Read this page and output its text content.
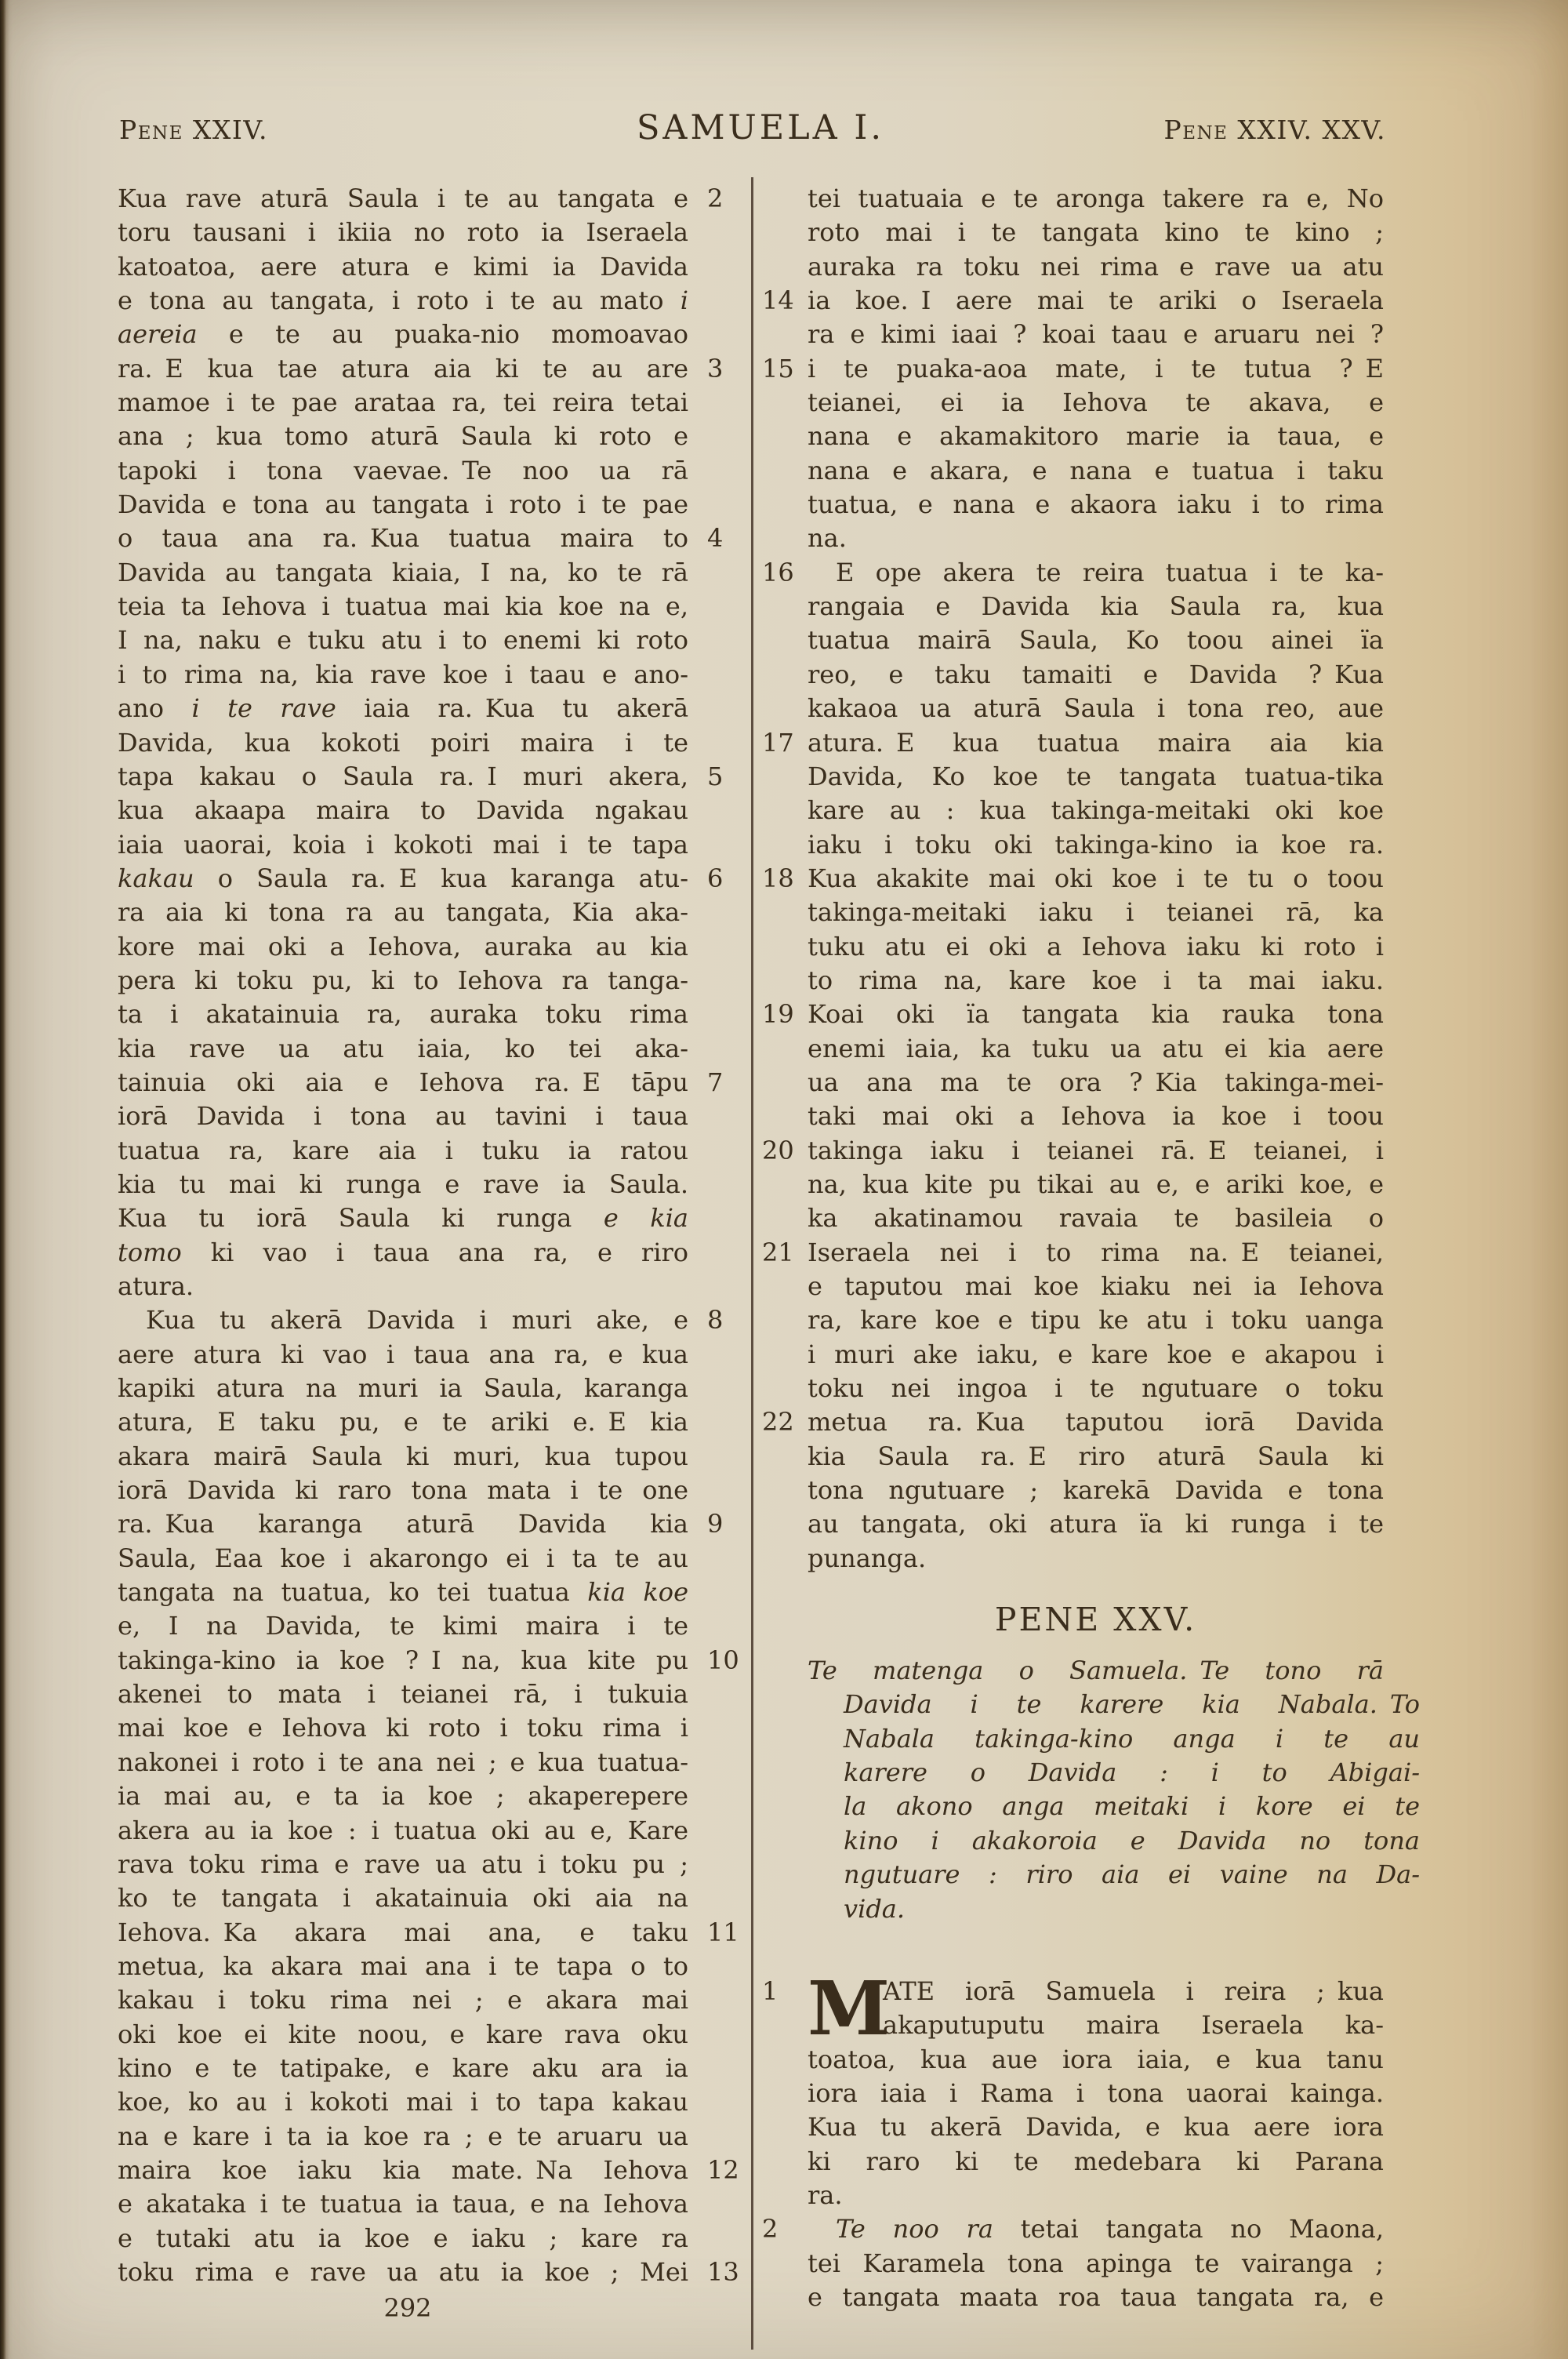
Pene XXIV.	SAMUELA I.	Pene XXIV. XXV.
2
Kua rave aturā Saula i te au tangata e
toru tausani i ikiia no roto ia Iseraela
katoatoa, aere atura e kimi ia Davida
e tona au tangata, i roto i te au mato i
aereia e te au puaka-nio momoavao
3
ra. E kua tae atura aia ki te au are
mamoe i te pae arataa ra, tei reira tetai
ana ; kua tomo aturā Saula ki roto e
tapoki i tona vaevae. Te noo ua rā
Davida e tona au tangata i roto i te pae
4
o taua ana ra. Kua tuatua maira to
Davida au tangata kiaia, I na, ko te rā
teia ta Iehova i tuatua mai kia koe na e,
I na, naku e tuku atu i to enemi ki roto
i to rima na, kia rave koe i taau e ano-
ano i te rave iaia ra. Kua tu akerā
Davida, kua kokoti poiri maira i te
5
tapa kakau o Saula ra. I muri akera,
kua akaapa maira to Davida ngakau
iaia uaorai, koia i kokoti mai i te tapa
6
kakau o Saula ra. E kua karanga atu-
ra aia ki tona ra au tangata, Kia aka-
kore mai oki a Iehova, auraka au kia
pera ki toku pu, ki to Iehova ra tanga-
ta i akatainuia ra, auraka toku rima
kia rave ua atu iaia, ko tei aka-
7
tainuia oki aia e Iehova ra. E tāpu
iorā Davida i tona au tavini i taua
tuatua ra, kare aia i tuku ia ratou
kia tu mai ki runga e rave ia Saula.
Kua tu iorā Saula ki runga e kia
tomo ki vao i taua ana ra, e riro
atura.
8
Kua tu akerā Davida i muri ake, e
aere atura ki vao i taua ana ra, e kua
kapiki atura na muri ia Saula, karanga
atura, E taku pu, e te ariki e. E kia
akara mairā Saula ki muri, kua tupou
iorā Davida ki raro tona mata i te one
9
ra. Kua karanga aturā Davida kia
Saula, Eaa koe i akarongo ei i ta te au
tangata na tuatua, ko tei tuatua kia koe
e, I na Davida, te kimi maira i te
10
takinga-kino ia koe ? I na, kua kite pu
akenei to mata i teianei rā, i tukuia
mai koe e Iehova ki roto i toku rima i
nakonei i roto i te ana nei ; e kua tuatua-
ia mai au, e ta ia koe ; akaperepere
akera au ia koe : i tuatua oki au e, Kare
rava toku rima e rave ua atu i toku pu ;
ko te tangata i akatainuia oki aia na
11
Iehova. Ka akara mai ana, e taku
metua, ka akara mai ana i te tapa o to
kakau i toku rima nei ; e akara mai
oki koe ei kite noou, e kare rava oku
kino e te tatipake, e kare aku ara ia
koe, ko au i kokoti mai i to tapa kakau
na e kare i ta ia koe ra ; e te aruaru ua
12
maira koe iaku kia mate. Na Iehova
e akataka i te tuatua ia taua, e na Iehova
e tutaki atu ia koe e iaku ; kare ra
13
toku rima e rave ua atu ia koe ; Mei
tei tuatuaia e te aronga takere ra e, No
roto mai i te tangata kino te kino ;
auraka ra toku nei rima e rave ua atu
14 ia koe. I aere mai te ariki o Iseraela
ra e kimi iaai ? koai taau e aruaru nei ?
15 i te puaka-aoa mate, i te tutua ? E
teianei, ei ia Iehova te akava, e
nana e akamakitoro marie ia taua, e
nana e akara, e nana e tuatua i taku
tuatua, e nana e akaora iaku i to rima
na.
16	E ope akera te reira tuatua i te ka-
rangaia e Davida kia Saula ra, kua
tuatua mairā Saula, Ko toou ainei ïa
reo, e taku tamaiti e Davida ? Kua
kakaoa ua aturā Saula i tona reo, aue
17 atura. E kua tuatua maira aia kia
Davida, Ko koe te tangata tuatua-tika
kare au : kua takinga-meitaki oki koe
iaku i toku oki takinga-kino ia koe ra.
18 Kua akakite mai oki koe i te tu o toou
takinga-meitaki iaku i teianei rā, ka
tuku atu ei oki a Iehova iaku ki roto i
to rima na, kare koe i ta mai iaku.
19 Koai oki ïa tangata kia rauka tona
enemi iaia, ka tuku ua atu ei kia aere
ua ana ma te ora ? Kia takinga-mei-
taki mai oki a Iehova ia koe i toou
20 takinga iaku i teianei rā. E teianei, i
na, kua kite pu tikai au e, e ariki koe, e
ka akatinamou ravaia te basileia o
21 Iseraela nei i to rima na. E teianei,
e taputou mai koe kiaku nei ia Iehova
ra, kare koe e tipu ke atu i toku uanga
i muri ake iaku, e kare koe e akapou i
toku nei ingoa i te ngutuare o toku
22 metua ra. Kua taputou iorā Davida
kia Saula ra. E riro aturā Saula ki
tona ngutuare ; karekā Davida e tona
au tangata, oki atura ïa ki runga i te
punanga.
PENE XXV.
Te matenga o Samuela. Te tono rā
Davida i te karere kia Nabala. To
Nabala takinga-kino anga i te au
karere o Davida : i to Abigai-
la akono anga meitaki i kore ei te
kino i akakoroia e Davida no tona
ngutuare : riro aia ei vaine na Da-
vida.
M
1	ATE iorā Samuela i reira ; kua
akaputuputu maira Iseraela ka-
toatoa, kua aue iora iaia, e kua tanu
iora iaia i Rama i tona uaorai kainga.
Kua tu akerā Davida, e kua aere iora
ki raro ki te medebara ki Parana
ra.
2	Te noo ra tetai tangata no Maona,
tei Karamela tona apinga te vairanga ;
e tangata maata roa taua tangata ra, e
292
